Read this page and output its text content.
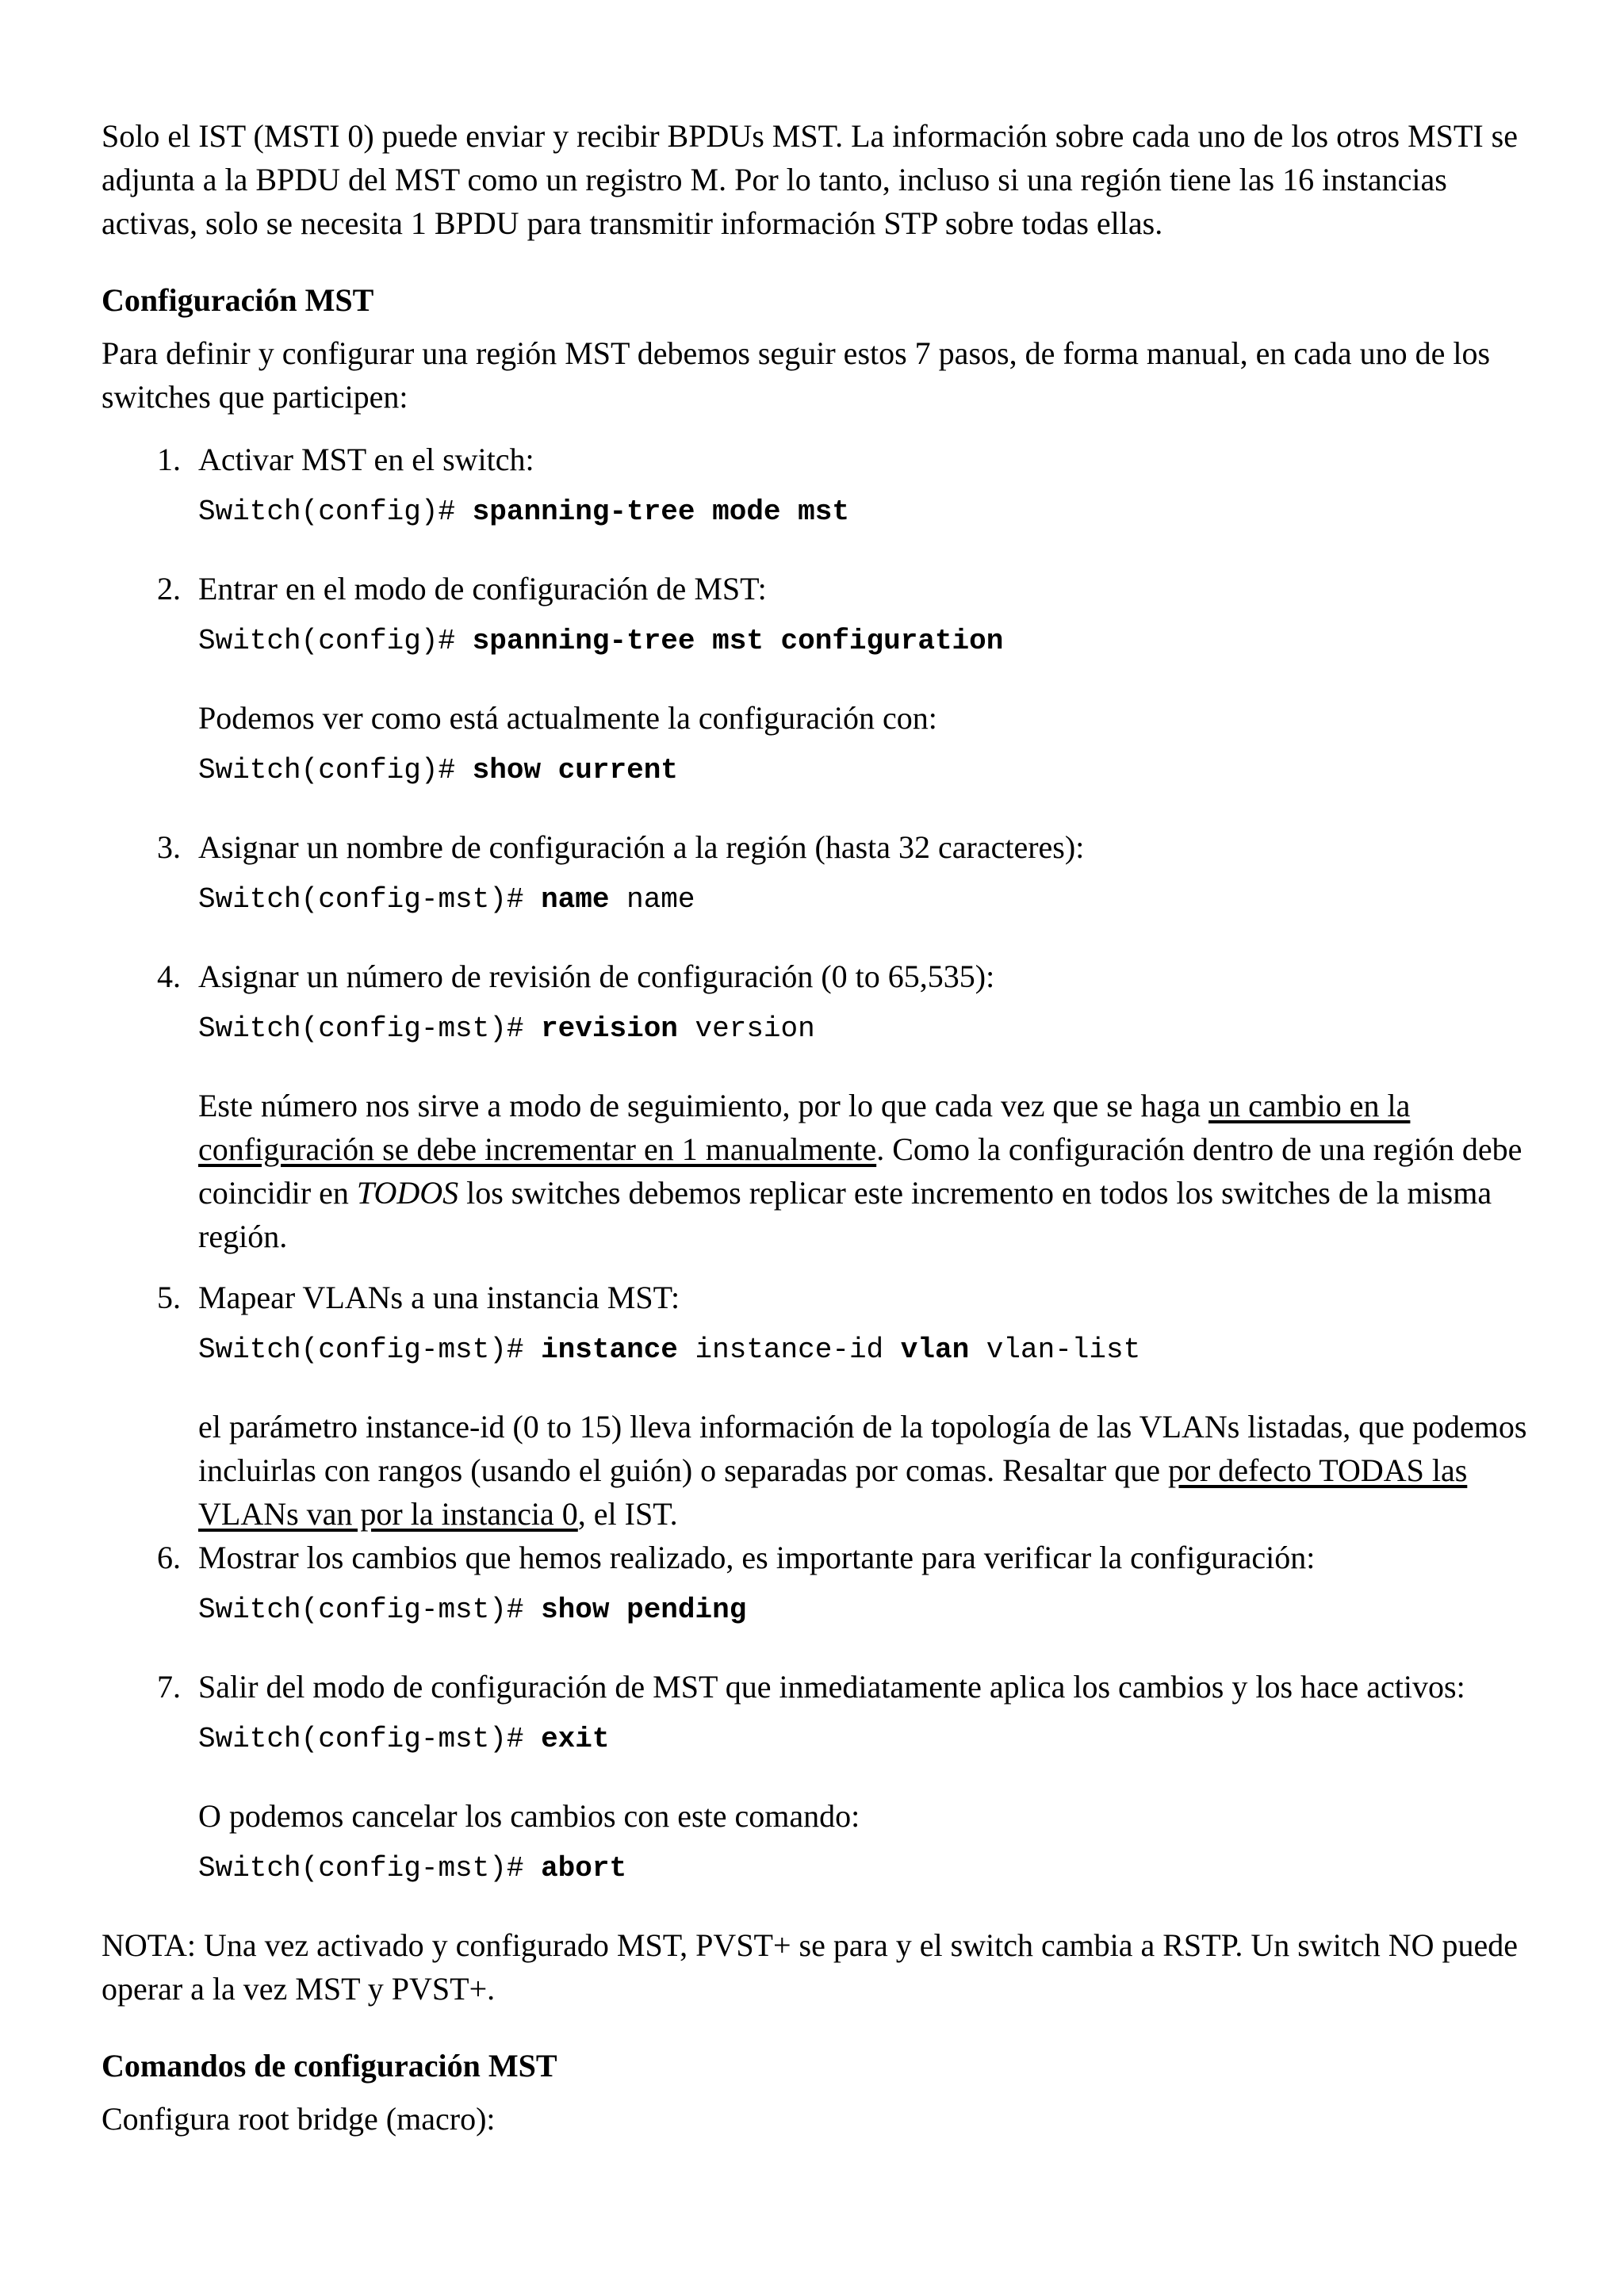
Solo el IST (MSTI 0) puede enviar y recibir BPDUs MST. La información sobre cada uno de los otros MSTI se adjunta a la BPDU del MST como un registro M. Por lo tanto, incluso si una región tiene las 16 instancias activas, solo se necesita 1 BPDU para transmitir información STP sobre todas ellas.

Configuración MST

Para definir y configurar una región MST debemos seguir estos 7 pasos, de forma manual, en cada uno de los switches que participen:

1. Activar MST en el switch:

Switch(config)# spanning-tree mode mst
2. Entrar en el modo de configuración de MST:

Switch(config)# spanning-tree mst configuration

Podemos ver como está actualmente la configuración con:

Switch(config)# show current
3. Asignar un nombre de configuración a la región (hasta 32 caracteres):

Switch(config-mst)# name name
4. Asignar un número de revisión de configuración (0 to 65,535):

Switch(config-mst)# revision version

Este número nos sirve a modo de seguimiento, por lo que cada vez que se haga un cambio en la configuración se debe incrementar en 1 manualmente. Como la configuración dentro de una región debe coincidir en TODOS los switches debemos replicar este incremento en todos los switches de la misma región.

5. Mapear VLANs a una instancia MST:

Switch(config-mst)# instance instance-id vlan vlan-list

el parámetro instance-id (0 to 15) lleva información de la topología de las VLANs listadas, que podemos incluirlas con rangos (usando el guión) o separadas por comas. Resaltar que por defecto TODAS las VLANs van por la instancia 0, el IST.

6. Mostrar los cambios que hemos realizado, es importante para verificar la configuración:

Switch(config-mst)# show pending
7. Salir del modo de configuración de MST que inmediatamente aplica los cambios y los hace activos:

Switch(config-mst)# exit

O podemos cancelar los cambios con este comando:

Switch(config-mst)# abort

NOTA: Una vez activado y configurado MST, PVST+ se para y el switch cambia a RSTP. Un switch NO puede operar a la vez MST y PVST+.

Comandos de configuración MST

Configura root bridge (macro):
